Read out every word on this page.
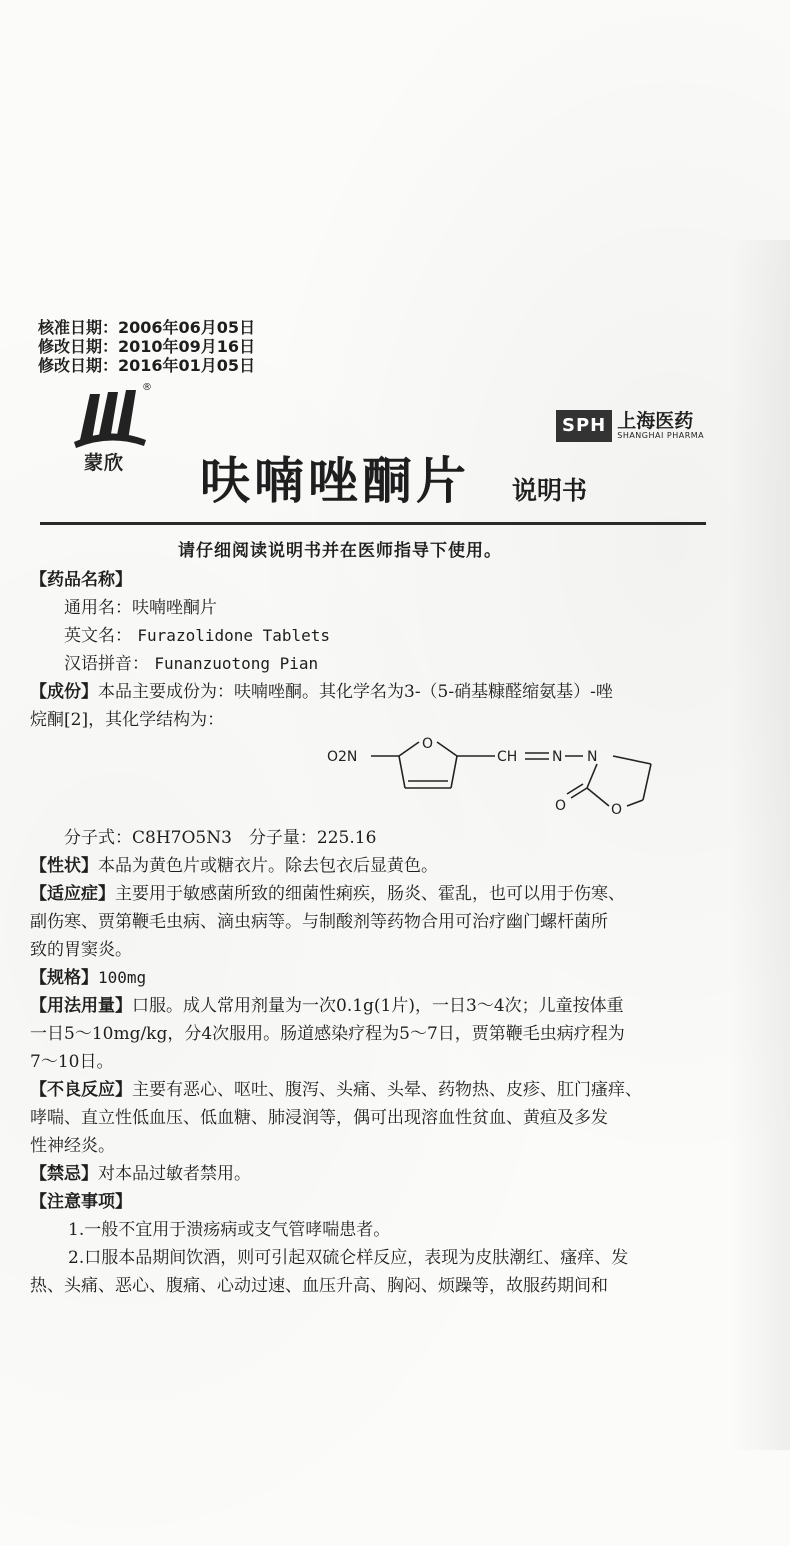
核准日期：2006年06月05日
修改日期：2010年09月16日
修改日期：2016年01月05日
®
蒙欣
SPH 上海医药
SHANGHAI PHARMA
呋喃唑酮片 说明书
请仔细阅读说明书并在医师指导下使用。

【药品名称】

通用名：呋喃唑酮片

英文名： Furazolidone Tablets

汉语拼音： Funanzuotong Pian

【成份】本品主要成份为：呋喃唑酮。其化学名为3-（5-硝基糠醛缩氨基）-唑

烷酮[2]，其化学结构为：

O2N
O
CH N N
O	O

分子式：C8H7O5N3　分子量：225.16

【性状】本品为黄色片或糖衣片。除去包衣后显黄色。

【适应症】主要用于敏感菌所致的细菌性痢疾，肠炎、霍乱，也可以用于伤寒、

副伤寒、贾第鞭毛虫病、滴虫病等。与制酸剂等药物合用可治疗幽门螺杆菌所

致的胃窦炎。

【规格】100mg

【用法用量】口服。成人常用剂量为一次0.1g(1片)，一日3～4次；儿童按体重

一日5～10mg/kg，分4次服用。肠道感染疗程为5～7日，贾第鞭毛虫病疗程为

7～10日。

【不良反应】主要有恶心、呕吐、腹泻、头痛、头晕、药物热、皮疹、肛门瘙痒、

哮喘、直立性低血压、低血糖、肺浸润等，偶可出现溶血性贫血、黄疸及多发

性神经炎。

【禁忌】对本品过敏者禁用。

【注意事项】

1.一般不宜用于溃疡病或支气管哮喘患者。

2.口服本品期间饮酒，则可引起双硫仑样反应，表现为皮肤潮红、瘙痒、发

热、头痛、恶心、腹痛、心动过速、血压升高、胸闷、烦躁等，故服药期间和
